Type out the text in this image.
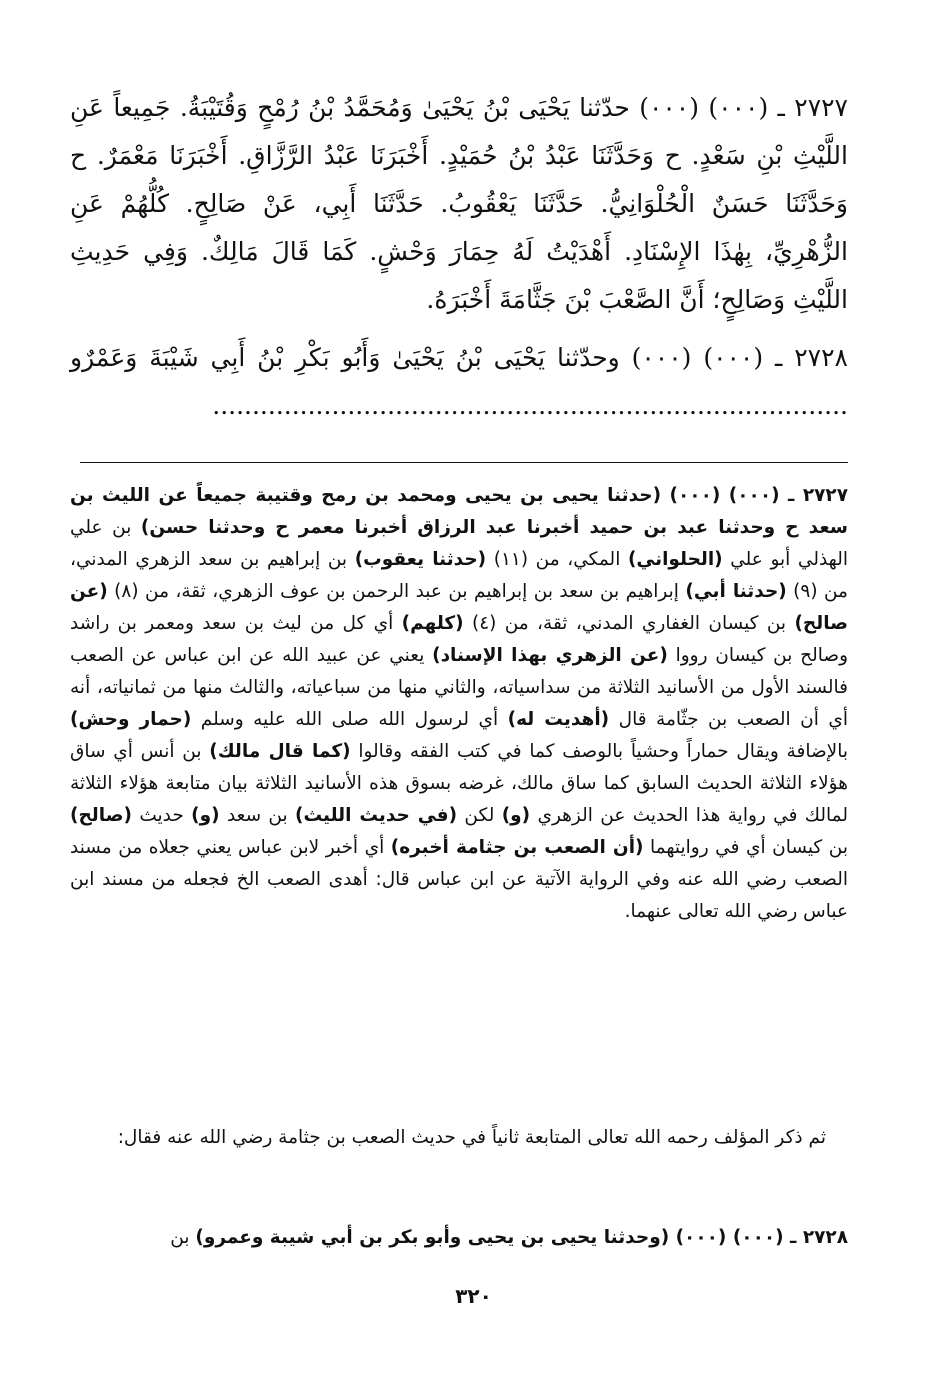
٢٧٢٧ ـ (٠٠٠) (٠٠٠) حدّثنا يَحْيَى بْنُ يَحْيَىٰ وَمُحَمَّدُ بْنُ رُمْحٍ وَقُتَيْبَةُ. جَمِيعاً عَنِ اللَّيْثِ بْنِ سَعْدٍ. ح وَحَدَّثَنَا عَبْدُ بْنُ حُمَيْدٍ. أَخْبَرَنَا عَبْدُ الرَّزَّاقِ. أَخْبَرَنَا مَعْمَرٌ. ح وَحَدَّثَنَا حَسَنٌ الْحُلْوَانِيُّ. حَدَّثَنَا يَعْقُوبُ. حَدَّثَنَا أَبِي، عَنْ صَالِحٍ. كُلُّهُمْ عَنِ الزُّهْرِيِّ، بِهٰذَا الإِسْنَادِ. أَهْدَيْتُ لَهُ حِمَارَ وَحْشٍ. كَمَا قَالَ مَالِكٌ. وَفِي حَدِيثِ اللَّيْثِ وَصَالِحٍ؛ أَنَّ الصَّعْبَ بْنَ جَثَّامَةَ أَخْبَرَهُ.

٢٧٢٨ ـ (٠٠٠) (٠٠٠) وحدّثنا يَحْيَى بْنُ يَحْيَىٰ وَأَبُو بَكْرِ بْنُ أَبِي شَيْبَةَ وَعَمْرٌو ................................................................................

٢٧٢٧ ـ (٠٠٠) (٠٠٠) (حدثنا يحيى بن يحيى ومحمد بن رمح وقتيبة جميعاً عن الليث بن سعد ح وحدثنا عبد بن حميد أخبرنا عبد الرزاق أخبرنا معمر ح وحدثنا حسن) بن علي الهذلي أبو علي (الحلواني) المكي، من (١١) (حدثنا يعقوب) بن إبراهيم بن سعد الزهري المدني، من (٩) (حدثنا أبي) إبراهيم بن سعد بن إبراهيم بن عبد الرحمن بن عوف الزهري، ثقة، من (٨) (عن صالح) بن كيسان الغفاري المدني، ثقة، من (٤) (كلهم) أي كل من ليث بن سعد ومعمر بن راشد وصالح بن كيسان رووا (عن الزهري بهذا الإسناد) يعني عن عبيد الله عن ابن عباس عن الصعب فالسند الأول من الأسانيد الثلاثة من سداسياته، والثاني منها من سباعياته، والثالث منها من ثمانياته، أنه أي أن الصعب بن جثّامة قال (أهديت له) أي لرسول الله صلى الله عليه وسلم (حمار وحش) بالإضافة ويقال حماراً وحشياً بالوصف كما في كتب الفقه وقالوا (كما قال مالك) بن أنس أي ساق هؤلاء الثلاثة الحديث السابق كما ساق مالك، غرضه بسوق هذه الأسانيد الثلاثة بيان متابعة هؤلاء الثلاثة لمالك في رواية هذا الحديث عن الزهري (و) لكن (في حديث الليث) بن سعد (و) حديث (صالح) بن كيسان أي في روايتهما (أن الصعب بن جثامة أخبره) أي أخبر لابن عباس يعني جعلاه من مسند الصعب رضي الله عنه وفي الرواية الآتية عن ابن عباس قال: أهدى الصعب الخ فجعله من مسند ابن عباس رضي الله تعالى عنهما.

ثم ذكر المؤلف رحمه الله تعالى المتابعة ثانياً في حديث الصعب بن جثامة رضي الله عنه فقال:

٢٧٢٨ ـ (٠٠٠) (٠٠٠) (وحدثنا يحيى بن يحيى وأبو بكر بن أبي شيبة وعمرو) بن

٣٢٠
